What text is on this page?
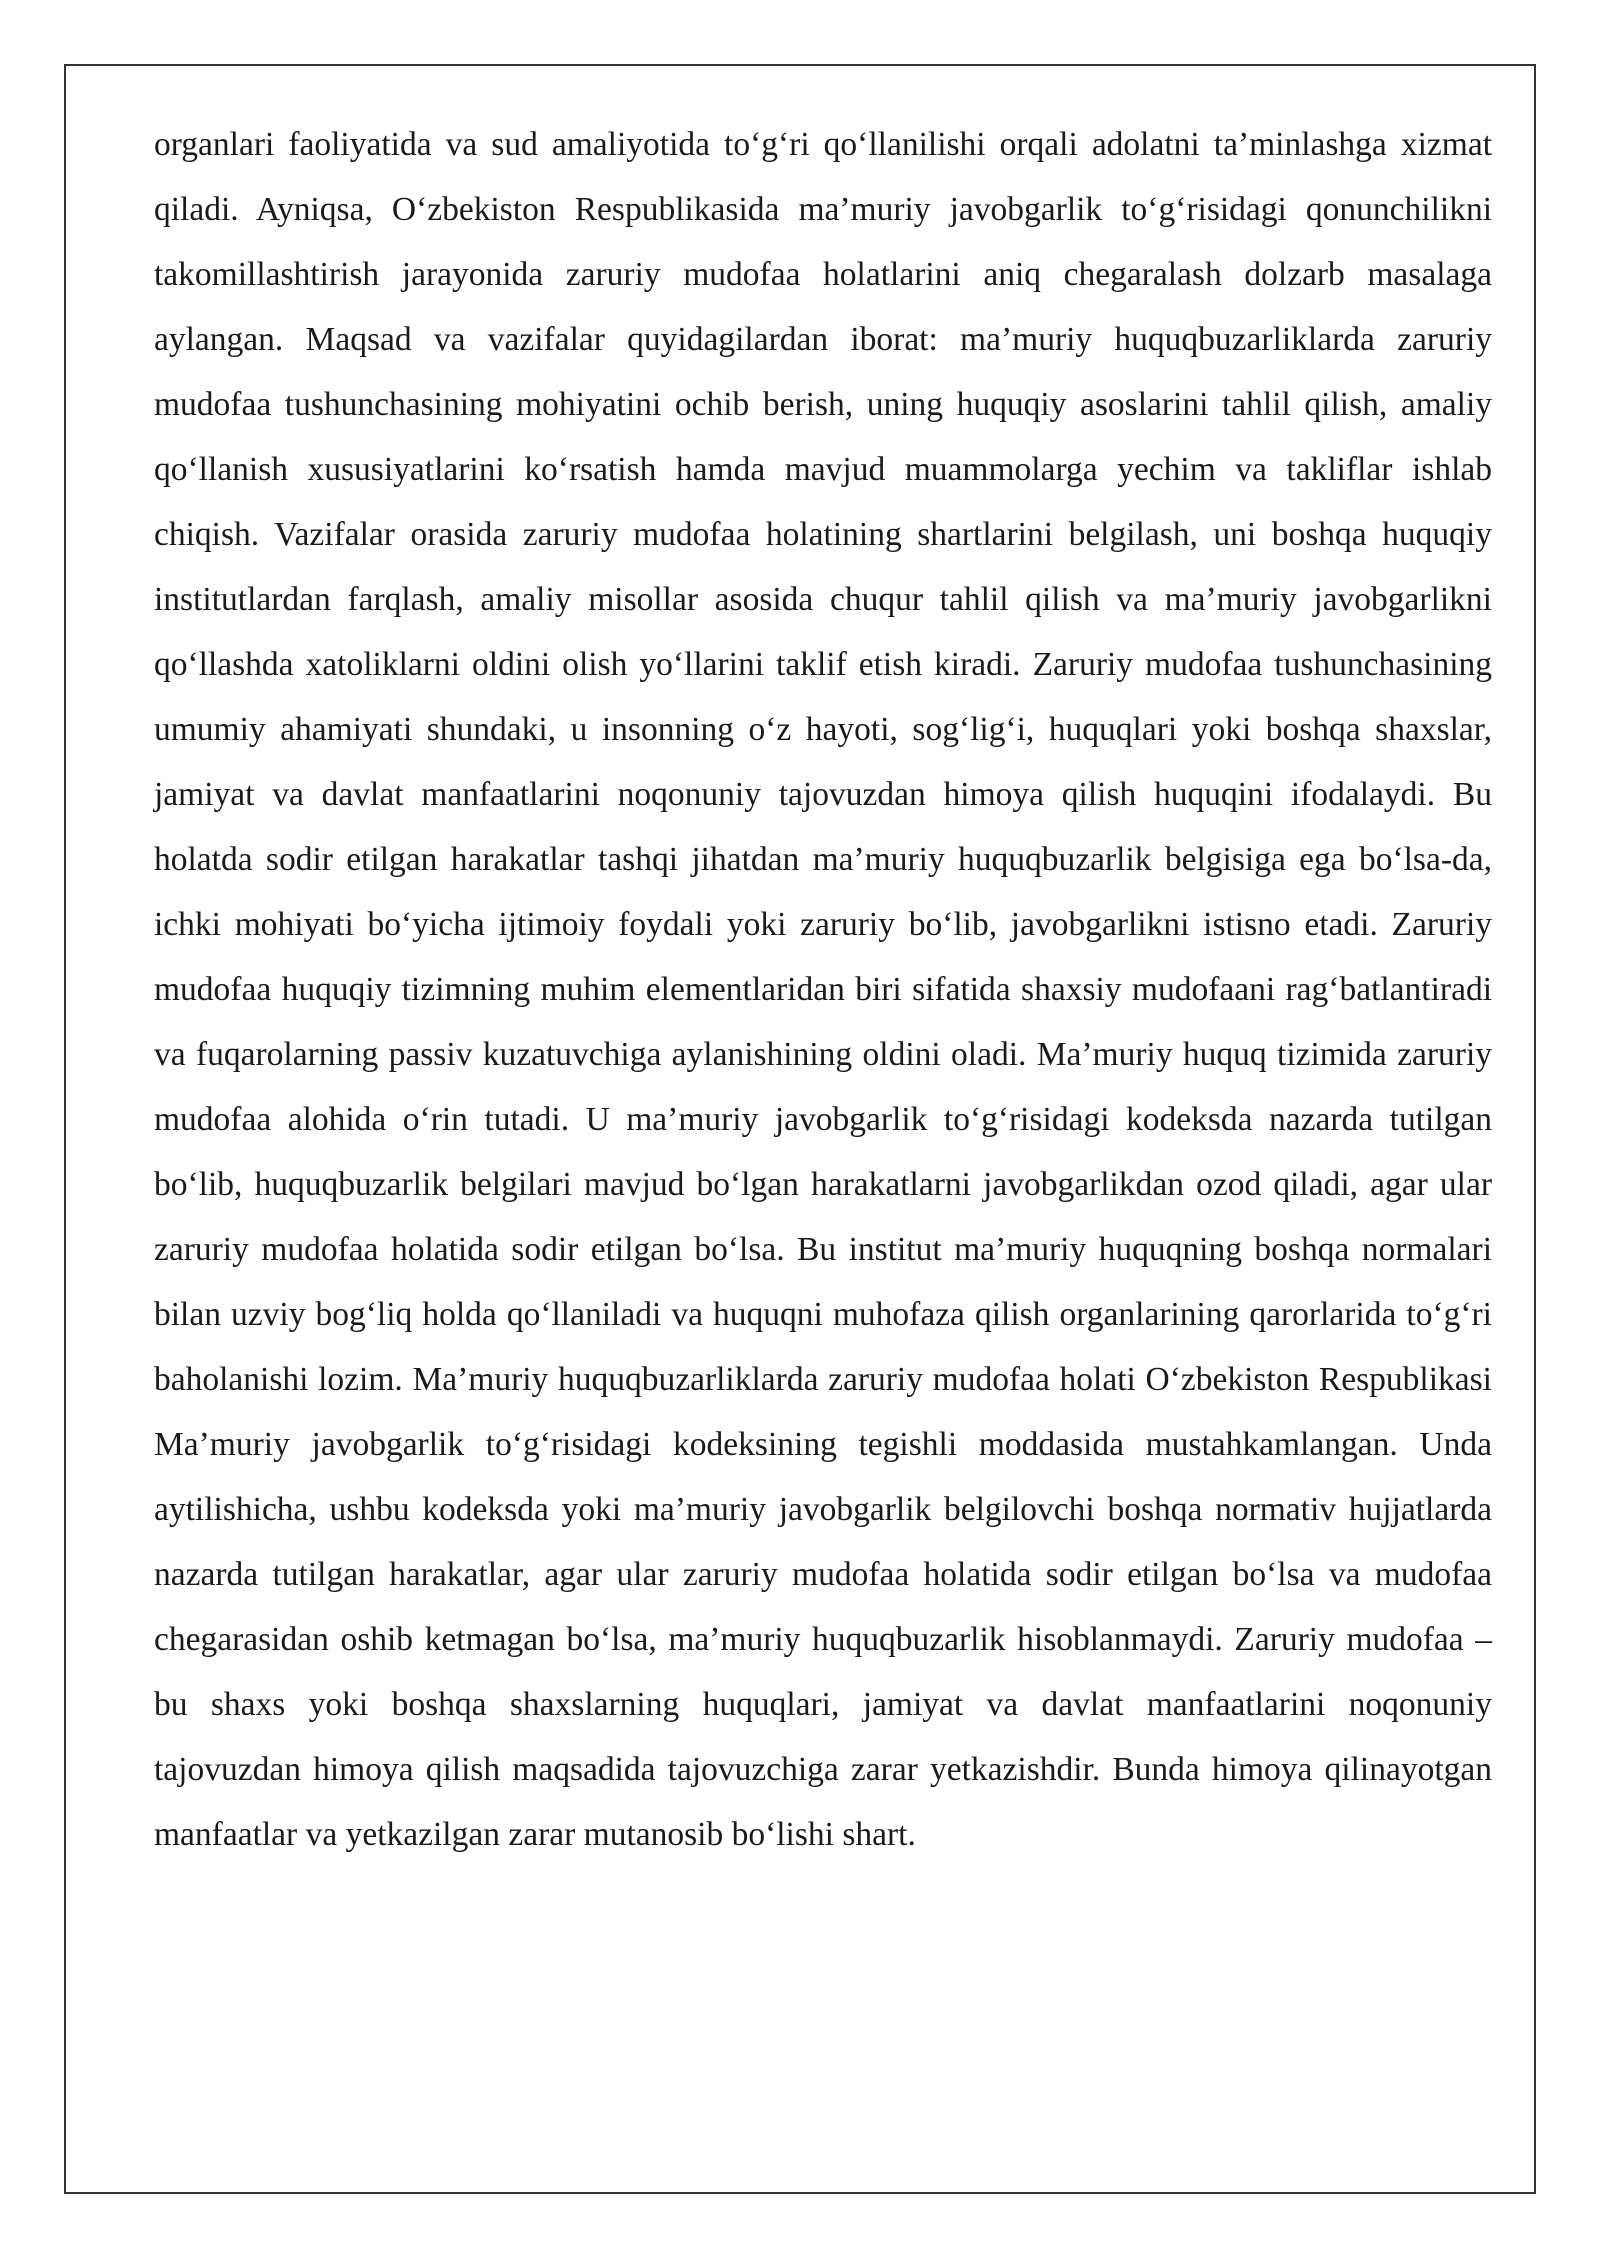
organlari faoliyatida va sud amaliyotida to‘g‘ri qo‘llanilishi orqali adolatni ta’minlashga xizmat qiladi. Ayniqsa, O‘zbekiston Respublikasida ma’muriy javobgarlik to‘g‘risidagi qonunchilikni takomillashtirish jarayonida zaruriy mudofaa holatlarini aniq chegaralash dolzarb masalaga aylangan. Maqsad va vazifalar quyidagilardan iborat: ma’muriy huquqbuzarliklarda zaruriy mudofaa tushunchasining mohiyatini ochib berish, uning huquqiy asoslarini tahlil qilish, amaliy qo‘llanish xususiyatlarini ko‘rsatish hamda mavjud muammolarga yechim va takliflar ishlab chiqish. Vazifalar orasida zaruriy mudofaa holatining shartlarini belgilash, uni boshqa huquqiy institutlardan farqlash, amaliy misollar asosida chuqur tahlil qilish va ma’muriy javobgarlikni qo‘llashda xatoliklarni oldini olish yo‘llarini taklif etish kiradi. Zaruriy mudofaa tushunchasining umumiy ahamiyati shundaki, u insonning o‘z hayoti, sog‘lig‘i, huquqlari yoki boshqa shaxslar, jamiyat va davlat manfaatlarini noqonuniy tajovuzdan himoya qilish huquqini ifodalaydi. Bu holatda sodir etilgan harakatlar tashqi jihatdan ma’muriy huquqbuzarlik belgisiga ega bo‘lsa-da, ichki mohiyati bo‘yicha ijtimoiy foydali yoki zaruriy bo‘lib, javobgarlikni istisno etadi. Zaruriy mudofaa huquqiy tizimning muhim elementlaridan biri sifatida shaxsiy mudofaani rag‘batlantiradi va fuqarolarning passiv kuzatuvchiga aylanishining oldini oladi. Ma’muriy huquq tizimida zaruriy mudofaa alohida o‘rin tutadi. U ma’muriy javobgarlik to‘g‘risidagi kodeksda nazarda tutilgan bo‘lib, huquqbuzarlik belgilari mavjud bo‘lgan harakatlarni javobgarlikdan ozod qiladi, agar ular zaruriy mudofaa holatida sodir etilgan bo‘lsa. Bu institut ma’muriy huquqning boshqa normalari bilan uzviy bog‘liq holda qo‘llaniladi va huquqni muhofaza qilish organlarining qarorlarida to‘g‘ri baholanishi lozim. Ma’muriy huquqbuzarliklarda zaruriy mudofaa holati O‘zbekiston Respublikasi Ma’muriy javobgarlik to‘g‘risidagi kodeksining tegishli moddasida mustahkamlangan. Unda aytilishicha, ushbu kodeksda yoki ma’muriy javobgarlik belgilovchi boshqa normativ hujjatlarda nazarda tutilgan harakatlar, agar ular zaruriy mudofaa holatida sodir etilgan bo‘lsa va mudofaa chegarasidan oshib ketmagan bo‘lsa, ma’muriy huquqbuzarlik hisoblanmaydi. Zaruriy mudofaa – bu shaxs yoki boshqa shaxslarning huquqlari, jamiyat va davlat manfaatlarini noqonuniy tajovuzdan himoya qilish maqsadida tajovuzchiga zarar yetkazishdir. Bunda himoya qilinayotgan manfaatlar va yetkazilgan zarar mutanosib bo‘lishi shart.
